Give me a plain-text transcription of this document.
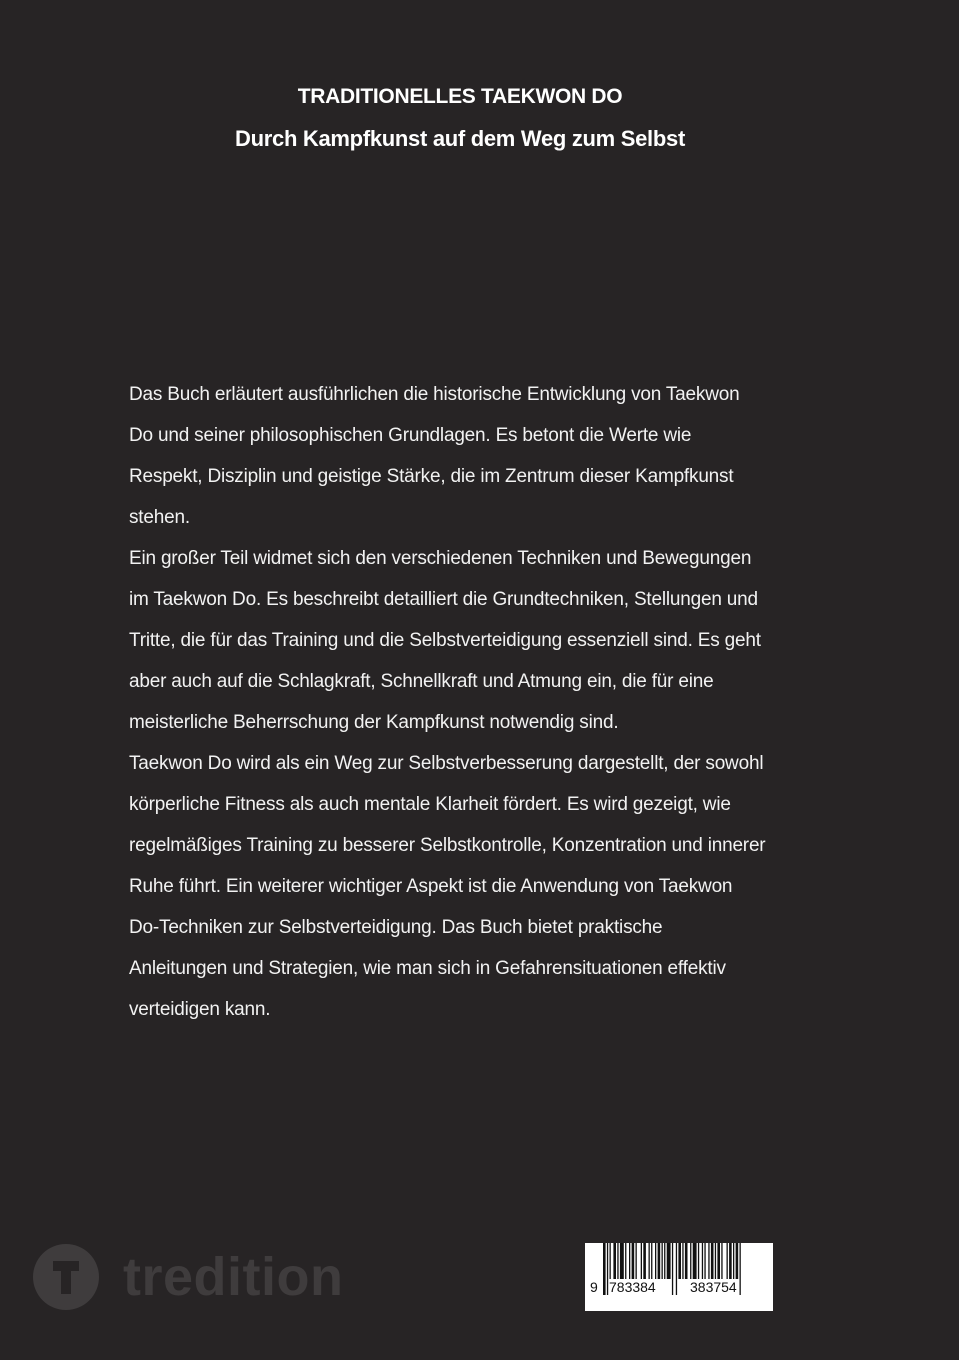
TRADITIONELLES TAEKWON DO
Durch Kampfkunst auf dem Weg zum Selbst

Das Buch erläutert ausführlichen die historische Entwicklung von Taekwon

Do und seiner philosophischen Grundlagen. Es betont die Werte wie

Respekt, Disziplin und geistige Stärke, die im Zentrum dieser Kampfkunst

stehen.

Ein großer Teil widmet sich den verschiedenen Techniken und Bewegungen

im Taekwon Do. Es beschreibt detailliert die Grundtechniken, Stellungen und

Tritte, die für das Training und die Selbstverteidigung essenziell sind. Es geht

aber auch auf die Schlagkraft, Schnellkraft und Atmung ein, die für eine

meisterliche Beherrschung der Kampfkunst notwendig sind.

Taekwon Do wird als ein Weg zur Selbstverbesserung dargestellt, der sowohl

körperliche Fitness als auch mentale Klarheit fördert. Es wird gezeigt, wie

regelmäßiges Training zu besserer Selbstkontrolle, Konzentration und innerer

Ruhe führt. Ein weiterer wichtiger Aspekt ist die Anwendung von Taekwon

Do-Techniken zur Selbstverteidigung. Das Buch bietet praktische

Anleitungen und Strategien, wie man sich in Gefahrensituationen effektiv

verteidigen kann.

tredition	9 783384 383754
